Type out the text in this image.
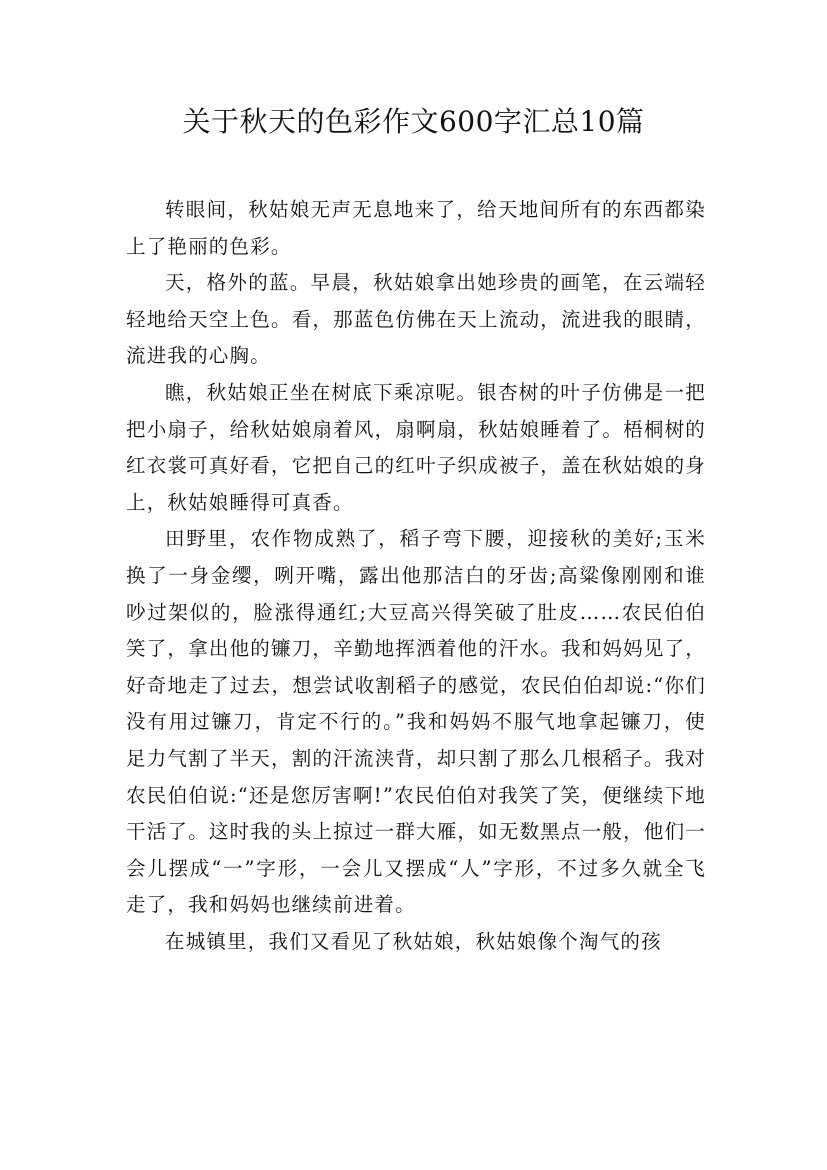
关于秋天的色彩作文600字汇总10篇

转眼间，秋姑娘无声无息地来了，给天地间所有的东西都染上了艳丽的色彩。

天，格外的蓝。早晨，秋姑娘拿出她珍贵的画笔，在云端轻轻地给天空上色。看，那蓝色仿佛在天上流动，流进我的眼睛，流进我的心胸。

瞧，秋姑娘正坐在树底下乘凉呢。银杏树的叶子仿佛是一把把小扇子，给秋姑娘扇着风，扇啊扇，秋姑娘睡着了。梧桐树的红衣裳可真好看，它把自己的红叶子织成被子，盖在秋姑娘的身上，秋姑娘睡得可真香。

田野里，农作物成熟了，稻子弯下腰，迎接秋的美好;玉米换了一身金缨，咧开嘴，露出他那洁白的牙齿;高粱像刚刚和谁吵过架似的，脸涨得通红;大豆高兴得笑破了肚皮……农民伯伯笑了，拿出他的镰刀，辛勤地挥洒着他的汗水。我和妈妈见了，好奇地走了过去，想尝试收割稻子的感觉，农民伯伯却说:“你们没有用过镰刀，肯定不行的。”我和妈妈不服气地拿起镰刀，使足力气割了半天，割的汗流浃背，却只割了那么几根稻子。我对农民伯伯说:“还是您厉害啊!”农民伯伯对我笑了笑，便继续下地干活了。这时我的头上掠过一群大雁，如无数黑点一般，他们一会儿摆成“一”字形，一会儿又摆成“人”字形，不过多久就全飞走了，我和妈妈也继续前进着。

在城镇里，我们又看见了秋姑娘，秋姑娘像个淘气的孩
